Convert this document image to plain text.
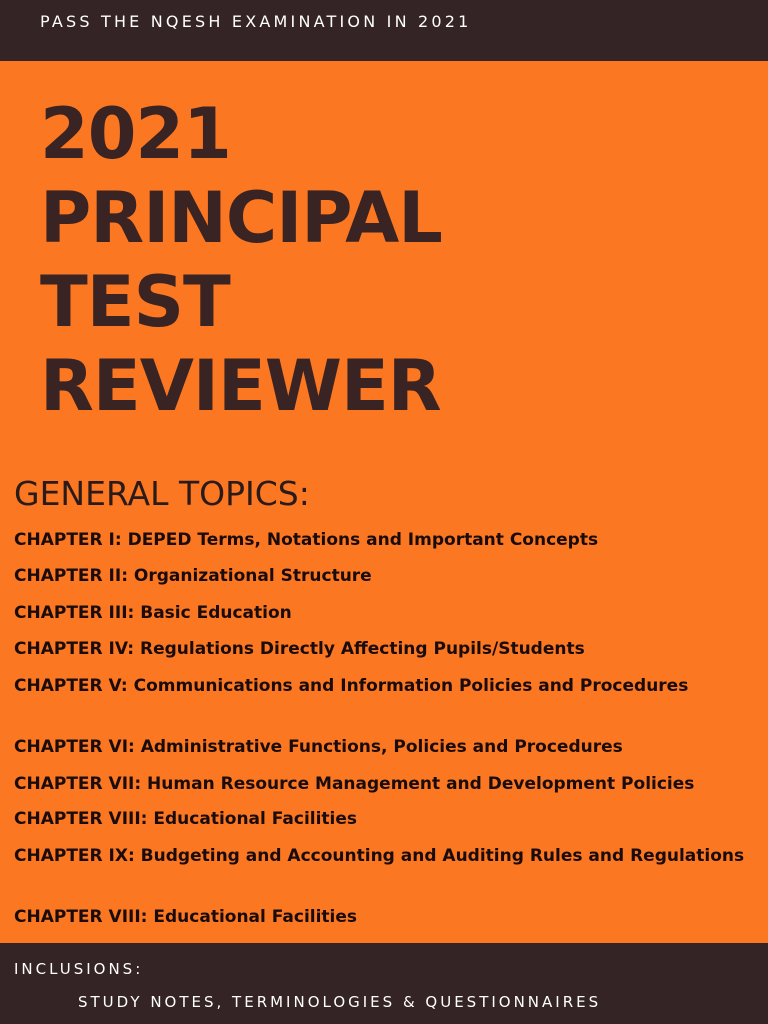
PASS THE NQESH EXAMINATION IN 2021
2021
PRINCIPAL
TEST
REVIEWER
GENERAL TOPICS:
CHAPTER I: DEPED Terms, Notations and Important Concepts
CHAPTER II: Organizational Structure
CHAPTER III: Basic Education
CHAPTER IV: Regulations Directly Affecting Pupils/Students
CHAPTER V: Communications and Information Policies and Procedures
CHAPTER VI: Administrative Functions, Policies and Procedures
CHAPTER VII: Human Resource Management and Development Policies
CHAPTER VIII: Educational Facilities
CHAPTER IX: Budgeting and Accounting and Auditing Rules and Regulations
CHAPTER VIII: Educational Facilities
INCLUSIONS:
STUDY NOTES, TERMINOLOGIES & QUESTIONNAIRES
